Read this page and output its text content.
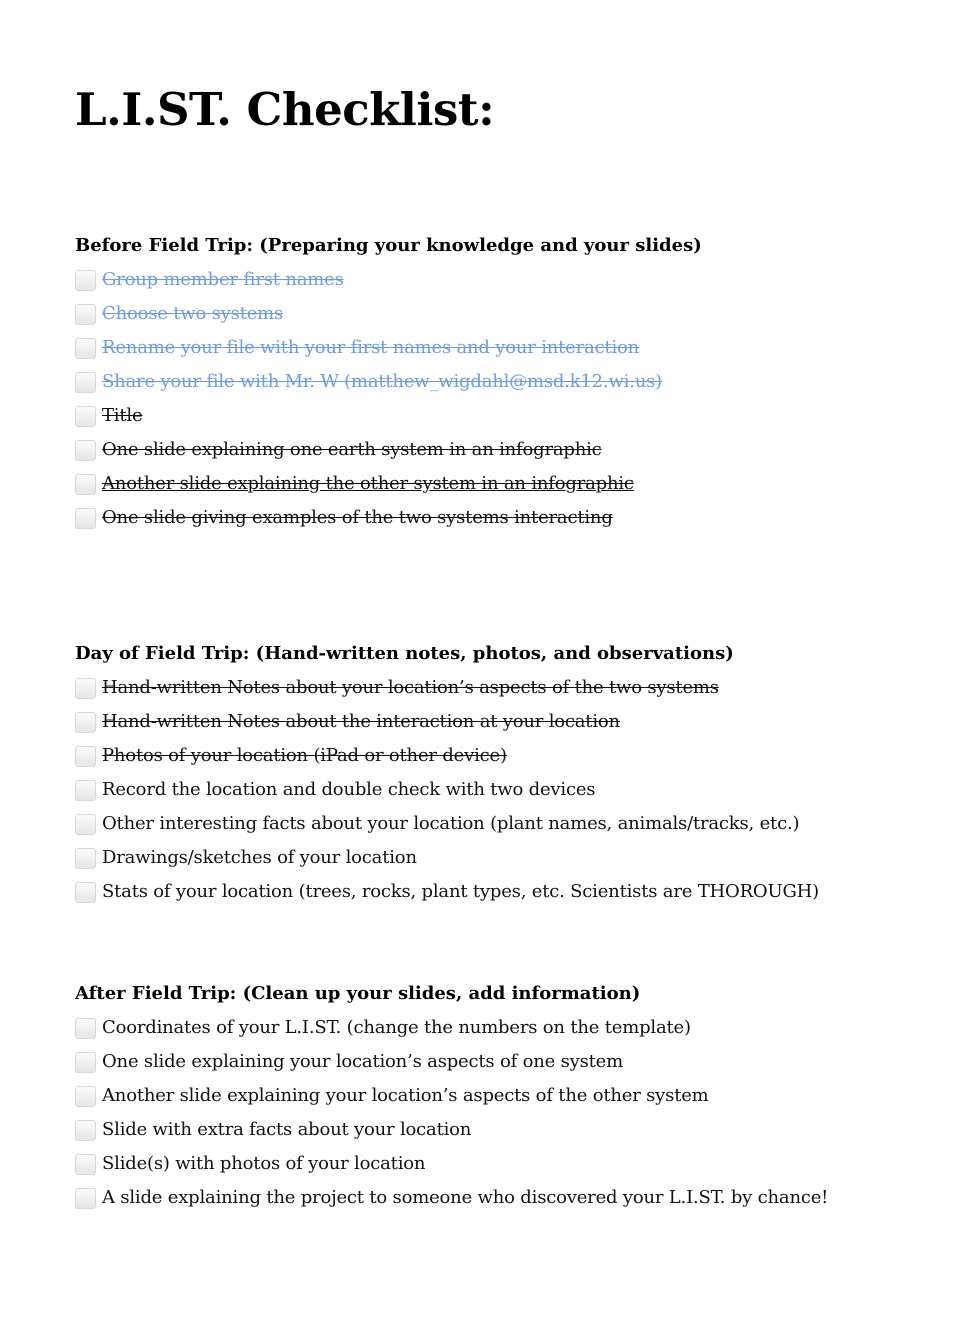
L.I.ST. Checklist:
Before Field Trip: (Preparing your knowledge and your slides)
Group member first names
Choose two systems
Rename your file with your first names and your interaction
Share your file with Mr. W (matthew_wigdahl@msd.k12.wi.us)
Title
One slide explaining one earth system in an infographic
Another slide explaining the other system in an infographic
One slide giving examples of the two systems interacting
Day of Field Trip: (Hand-written notes, photos, and observations)
Hand-written Notes about your location’s aspects of the two systems
Hand-written Notes about the interaction at your location
Photos of your location (iPad or other device)
Record the location and double check with two devices
Other interesting facts about your location (plant names, animals/tracks, etc.)
Drawings/sketches of your location
Stats of your location (trees, rocks, plant types, etc. Scientists are THOROUGH)
After Field Trip: (Clean up your slides, add information)
Coordinates of your L.I.ST. (change the numbers on the template)
One slide explaining your location’s aspects of one system
Another slide explaining your location’s aspects of the other system
Slide with extra facts about your location
Slide(s) with photos of your location
A slide explaining the project to someone who discovered your L.I.ST. by chance!
